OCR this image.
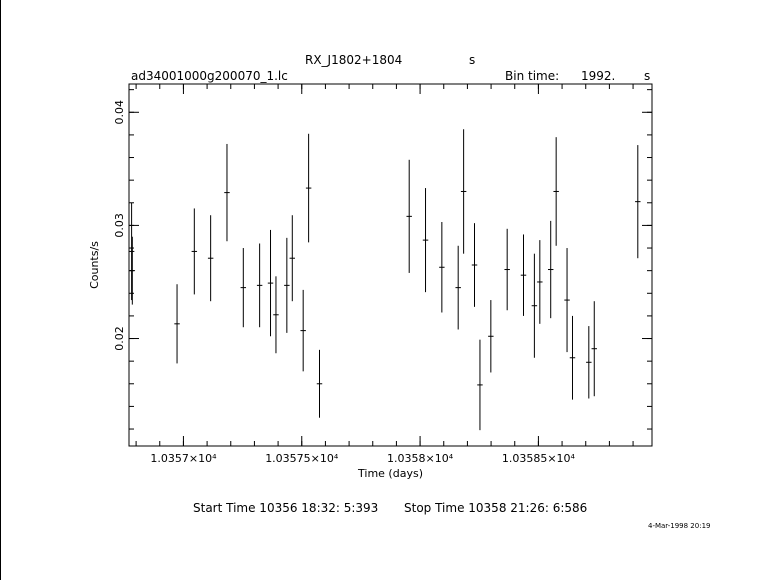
RX_J1802+1804	s
ad34001000g200070_1.lc	Bin time: 1992. s
1.0357×10⁴	1.03575×10⁴	1.0358×10⁴	1.03585×10⁴
0.02
0.03
0.04
Time (days)
Counts/s
Start Time 10356 18:32: 5:393 Stop Time 10358 21:26: 6:586
4-Mar-1998 20:19
